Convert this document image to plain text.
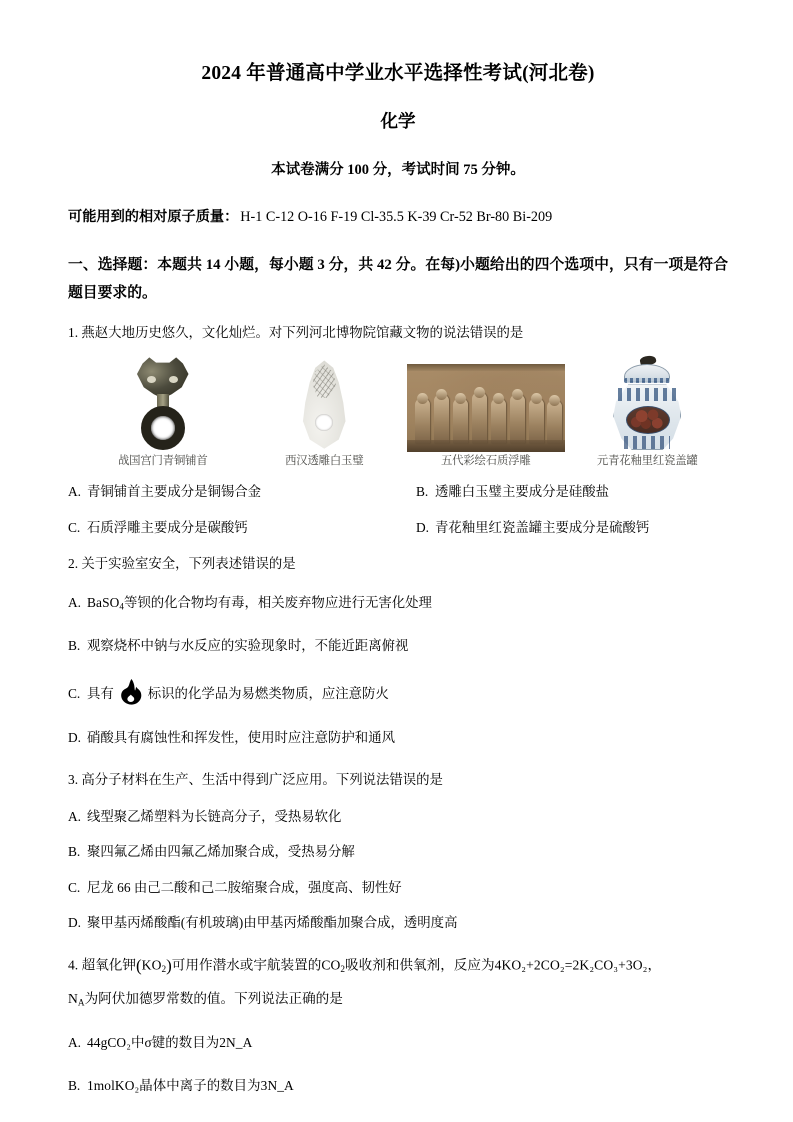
2024 年普通高中学业水平选择性考试(河北卷)
化学
本试卷满分 100 分，考试时间 75 分钟。
可能用到的相对原子质量： H-1 C-12 O-16 F-19 Cl-35.5 K-39 Cr-52 Br-80 Bi-209
一、选择题：本题共 14 小题，每小题 3 分，共 42 分。在每)小题给出的四个选项中，只有一项是符合题目要求的。
1. 燕赵大地历史悠久，文化灿烂。对下列河北博物院馆藏文物的说法错误的是
战国宫门青铜铺首	西汉透雕白玉璧	五代彩绘石质浮雕	元青花釉里红瓷盖罐
A. 青铜铺首主要成分是铜锡合金	B. 透雕白玉璧主要成分是硅酸盐
C. 石质浮雕主要成分是碳酸钙	D. 青花釉里红瓷盖罐主要成分是硫酸钙
2. 关于实验室安全，下列表述错误的是
A. BaSO$_4$等钡的化合物均有毒，相关废弃物应进行无害化处理
B. 观察烧杯中钠与水反应的实验现象时，不能近距离俯视
C. 具有	标识的化学品为易燃类物质，应注意防火
D. 硝酸具有腐蚀性和挥发性，使用时应注意防护和通风
3. 高分子材料在生产、生活中得到广泛应用。下列说法错误的是
A. 线型聚乙烯塑料为长链高分子，受热易软化
B. 聚四氟乙烯由四氟乙烯加聚合成，受热易分解
C. 尼龙 66 由己二酸和己二胺缩聚合成，强度高、韧性好
D. 聚甲基丙烯酸酯(有机玻璃)由甲基丙烯酸酯加聚合成，透明度高
4. 超氧化钾$(KO_2)$可用作潜水或宇航装置的$CO_2$吸收剂和供氧剂，反应为4KO₂+2CO₂=2K₂CO₃+3O₂，
$N_A$为阿伏加德罗常数的值。下列说法正确的是
A. 44gCO₂中σ键的数目为2N_A
B. 1molKO₂晶体中离子的数目为3N_A
